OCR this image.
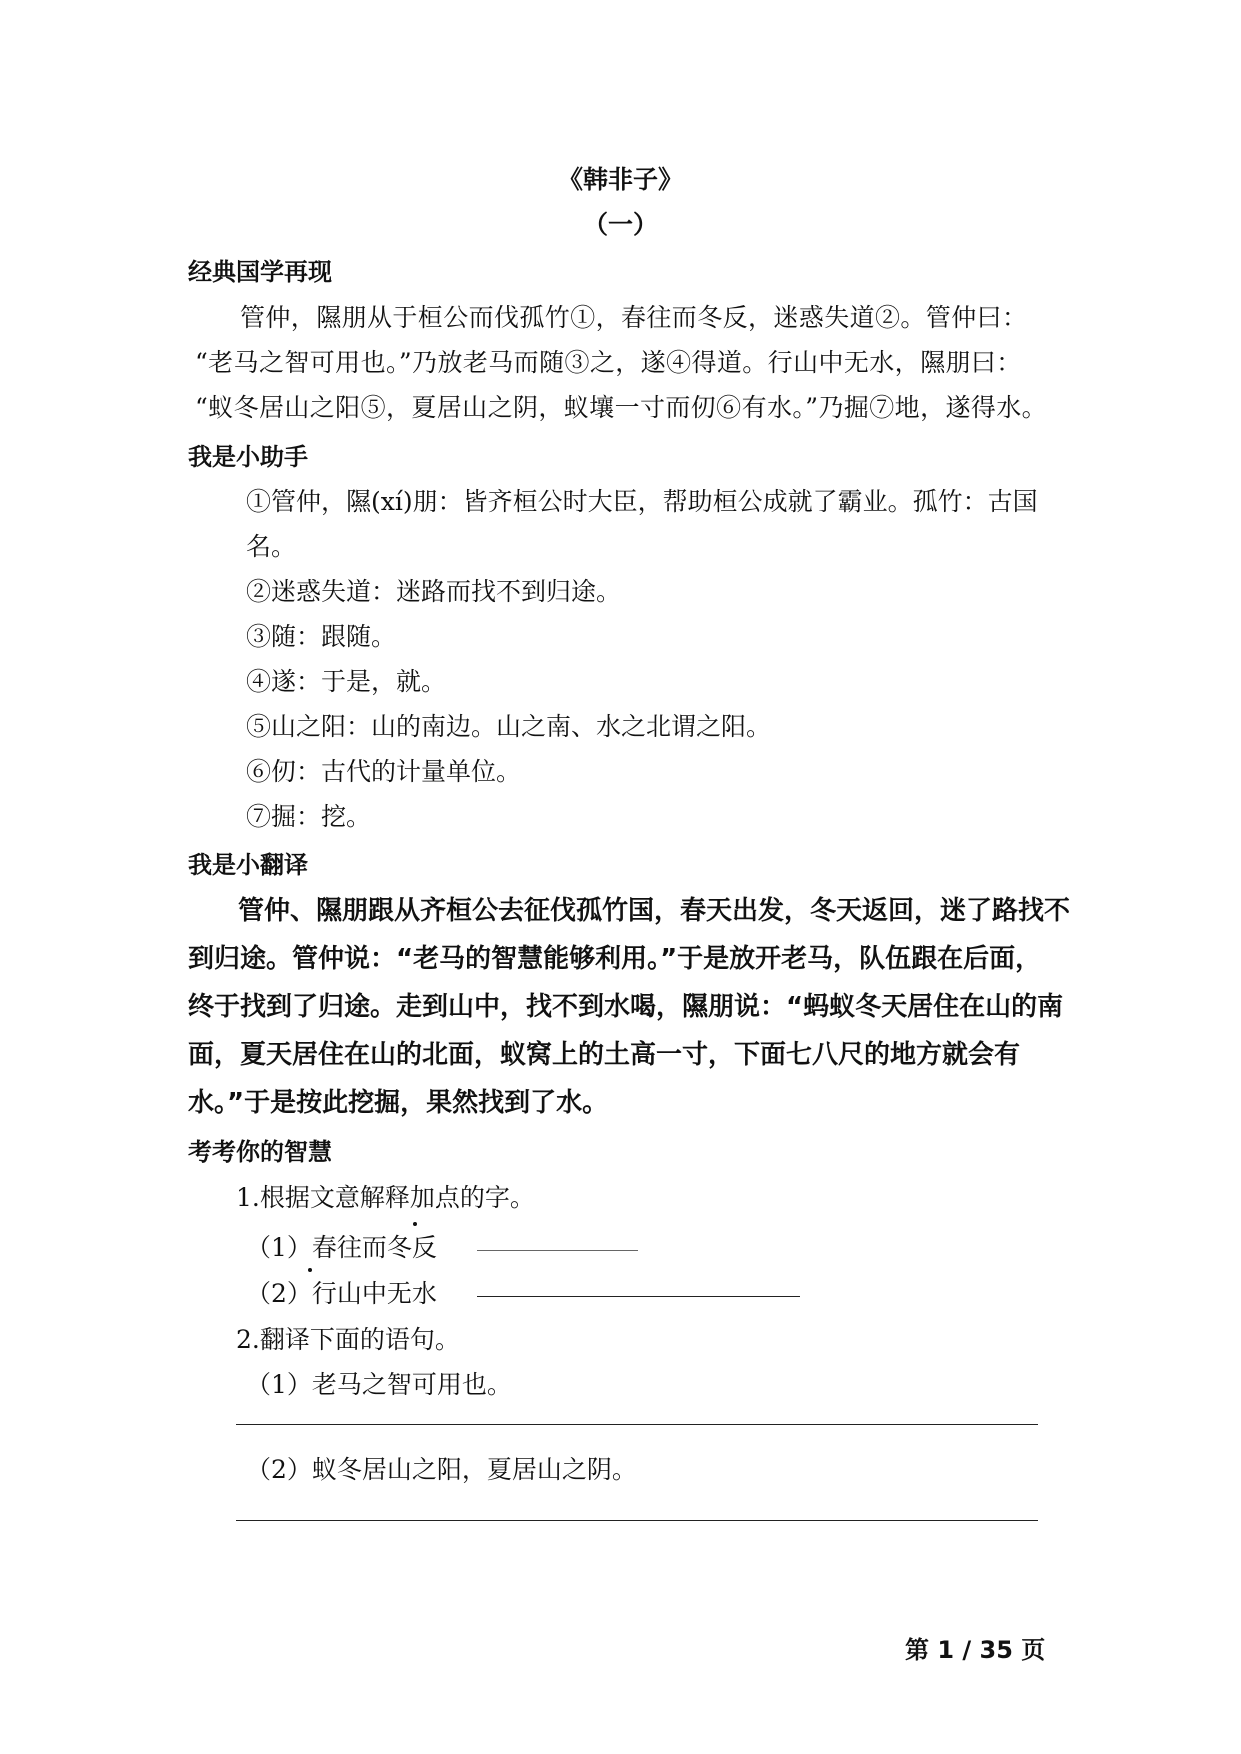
《韩非子》
（一）
经典国学再现
管仲，隰朋从于桓公而伐孤竹①，春往而冬反，迷惑失道②。管仲曰：
“老马之智可用也。”乃放老马而随③之，遂④得道。行山中无水，隰朋曰：
“蚁冬居山之阳⑤，夏居山之阴，蚁壤一寸而仞⑥有水。”乃掘⑦地，遂得水。
我是小助手
①管仲，隰(xí)朋：皆齐桓公时大臣，帮助桓公成就了霸业。孤竹：古国
名。
②迷惑失道：迷路而找不到归途。
③随：跟随。
④遂：于是，就。
⑤山之阳：山的南边。山之南、水之北谓之阳。
⑥仞：古代的计量单位。
⑦掘：挖。
我是小翻译
管仲、隰朋跟从齐桓公去征伐孤竹国，春天出发，冬天返回，迷了路找不
到归途。管仲说：“老马的智慧能够利用。”于是放开老马，队伍跟在后面，
终于找到了归途。走到山中，找不到水喝，隰朋说：“蚂蚁冬天居住在山的南
面，夏天居住在山的北面，蚁窝上的土高一寸，下面七八尺的地方就会有
水。”于是按此挖掘，果然找到了水。
考考你的智慧
1.根据文意解释加点的字。
（1）春往而冬反
（2）行山中无水
2.翻译下面的语句。
（1）老马之智可用也。
（2）蚁冬居山之阳，夏居山之阴。
第 1 / 35 页
